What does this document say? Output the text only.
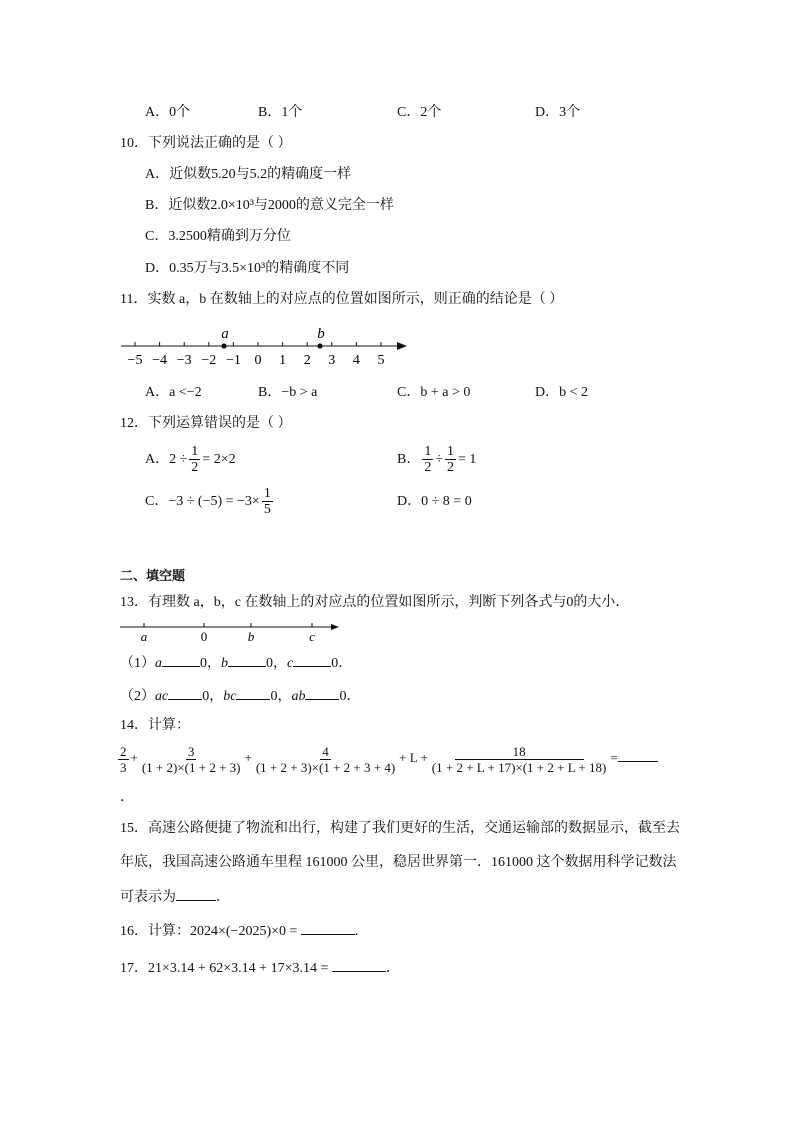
A．0个	B．1个	C．2个	D．3个
10．下列说法正确的是（ ）
A．近似数5.20与5.2的精确度一样
B．近似数2.0×10³与2000的意义完全一样
C．3.2500精确到万分位
D．0.35万与3.5×10³的精确度不同
11．实数 a，b 在数轴上的对应点的位置如图所示，则正确的结论是（ ）
−5 −4 −3 −2 −1 0 1 2 3 4 5
a	b
A．a <−2	B．−b > a	C．b + a > 0	D．b < 2
12．下列运算错误的是（ ）
A．$2 \div \frac{1}{2} = 2\times 2$	B． $\frac{1}{2} \div \frac{1}{2} = 1$
C．$-3 \div (-5) = -3\times \frac{1}{5}$	D．0 ÷ 8 = 0
二、填空题
13．有理数 a，b，c 在数轴上的对应点的位置如图所示，判断下列各式与0的大小．
a	0	b	c
（1）a	0，b	0，c	0．
（2）ac 0，bc 0，ab 0．
14．计算：
$\frac{2}{3} + \frac{3}{(1 + 2)\times(1 + 2 + 3)} + \frac{4}{(1 + 2 + 3)\times(1 + 2 + 3 + 4)} + L + \frac{18}{(1 + 2 + L + 17)\times(1 + 2 + L + 18)}$ =
．
15．高速公路便捷了物流和出行，构建了我们更好的生活，交通运输部的数据显示，截至去
年底，我国高速公路通车里程 161000 公里，稳居世界第一．161000 这个数据用科学记数法
可表示为	．
16．计算：2024×(−2025)×0 =	.
17．21×3.14 + 62×3.14 + 17×3.14 =	．
